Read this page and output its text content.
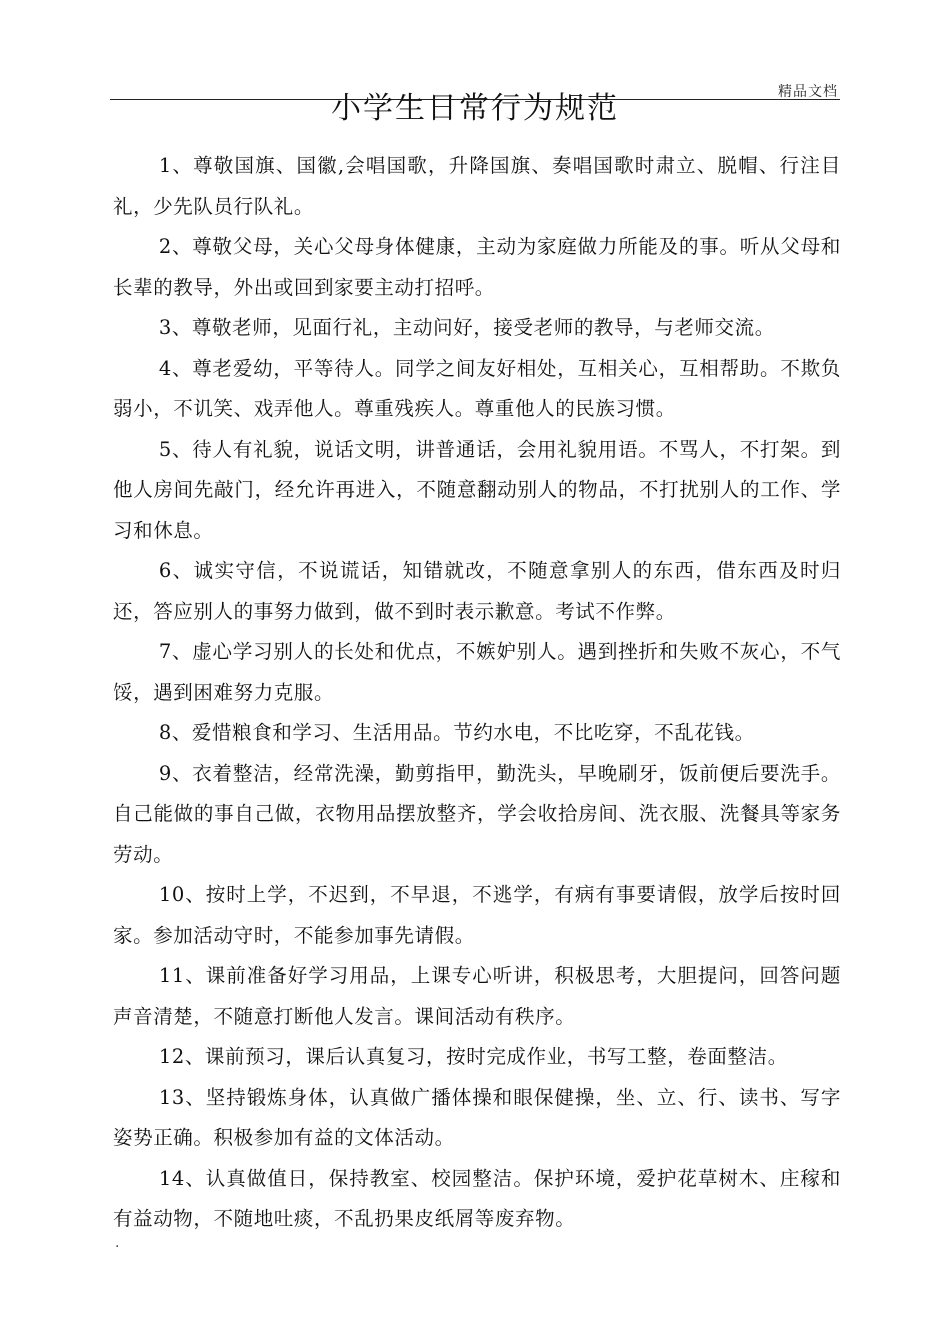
精品文档
小学生日常行为规范

1、尊敬国旗、国徽,会唱国歌，升降国旗、奏唱国歌时肃立、脱帽、行注目礼，少先队员行队礼。

2、尊敬父母，关心父母身体健康，主动为家庭做力所能及的事。听从父母和长辈的教导，外出或回到家要主动打招呼。

3、尊敬老师，见面行礼，主动问好，接受老师的教导，与老师交流。

4、尊老爱幼，平等待人。同学之间友好相处，互相关心，互相帮助。不欺负弱小，不讥笑、戏弄他人。尊重残疾人。尊重他人的民族习惯。

5、待人有礼貌，说话文明，讲普通话，会用礼貌用语。不骂人，不打架。到他人房间先敲门，经允许再进入，不随意翻动别人的物品，不打扰别人的工作、学习和休息。

6、诚实守信，不说谎话，知错就改，不随意拿别人的东西，借东西及时归还，答应别人的事努力做到，做不到时表示歉意。考试不作弊。

7、虚心学习别人的长处和优点，不嫉妒别人。遇到挫折和失败不灰心，不气馁，遇到困难努力克服。

8、爱惜粮食和学习、生活用品。节约水电，不比吃穿，不乱花钱。

9、衣着整洁，经常洗澡，勤剪指甲，勤洗头，早晚刷牙，饭前便后要洗手。自己能做的事自己做，衣物用品摆放整齐，学会收拾房间、洗衣服、洗餐具等家务劳动。

10、按时上学，不迟到，不早退，不逃学，有病有事要请假，放学后按时回家。参加活动守时，不能参加事先请假。

11、课前准备好学习用品，上课专心听讲，积极思考，大胆提问，回答问题声音清楚，不随意打断他人发言。课间活动有秩序。

12、课前预习，课后认真复习，按时完成作业，书写工整，卷面整洁。

13、坚持锻炼身体，认真做广播体操和眼保健操，坐、立、行、读书、写字姿势正确。积极参加有益的文体活动。

14、认真做值日，保持教室、校园整洁。保护环境，爱护花草树木、庄稼和有益动物，不随地吐痰，不乱扔果皮纸屑等废弃物。

.
